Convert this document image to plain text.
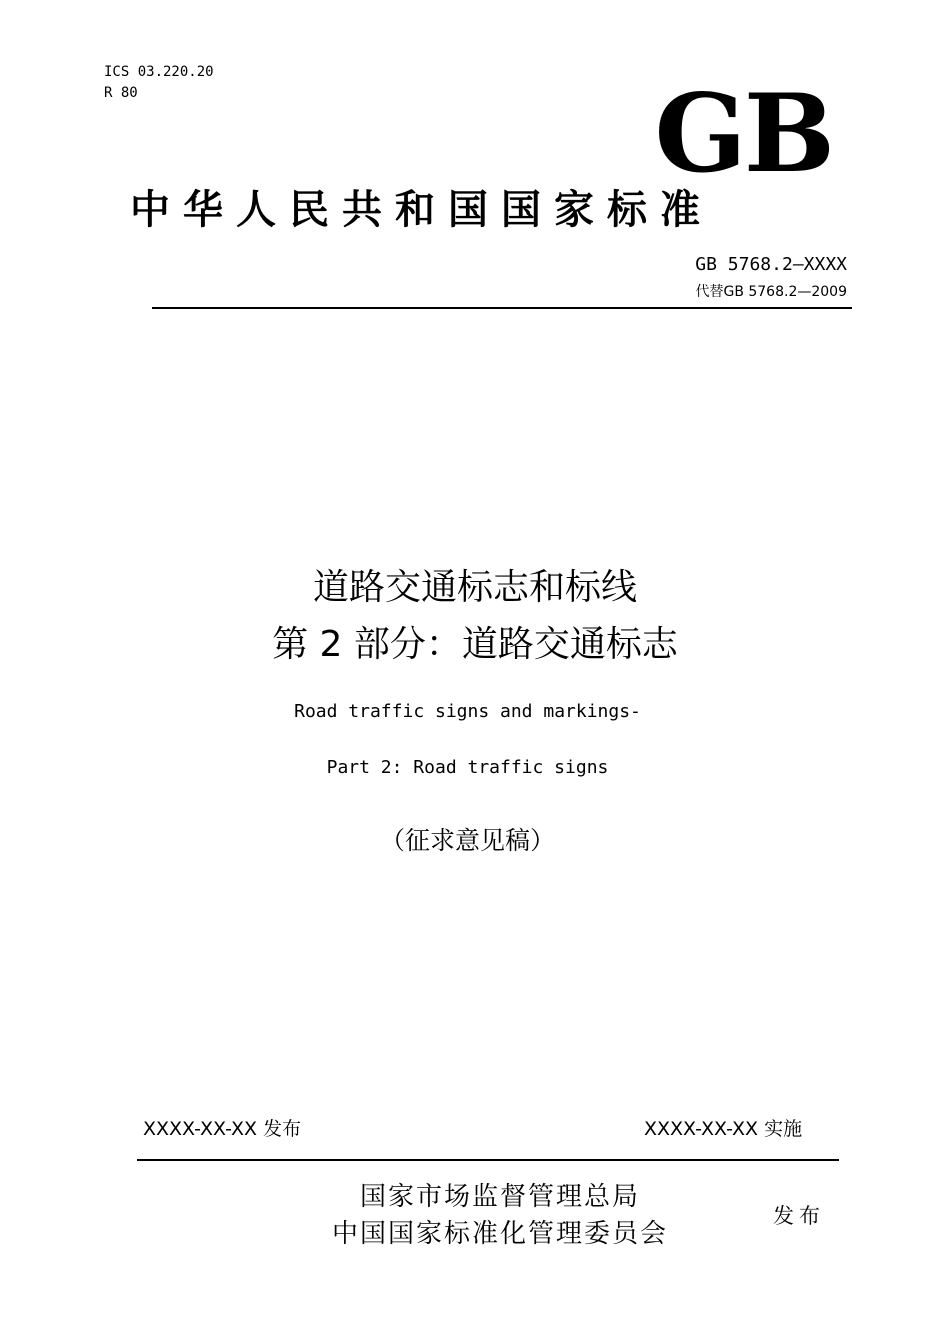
ICS 03.220.20
R 80	GB
中华人民共和国国家标准
GB 5768.2—XXXX
代替GB 5768.2—2009
道路交通标志和标线
第 2 部分：道路交通标志
Road traffic signs and markings-
Part 2: Road traffic signs
（征求意见稿）
XXXX-XX-XX 发布	XXXX-XX-XX 实施
国家市场监督管理总局
中国国家标准化管理委员会
发布
